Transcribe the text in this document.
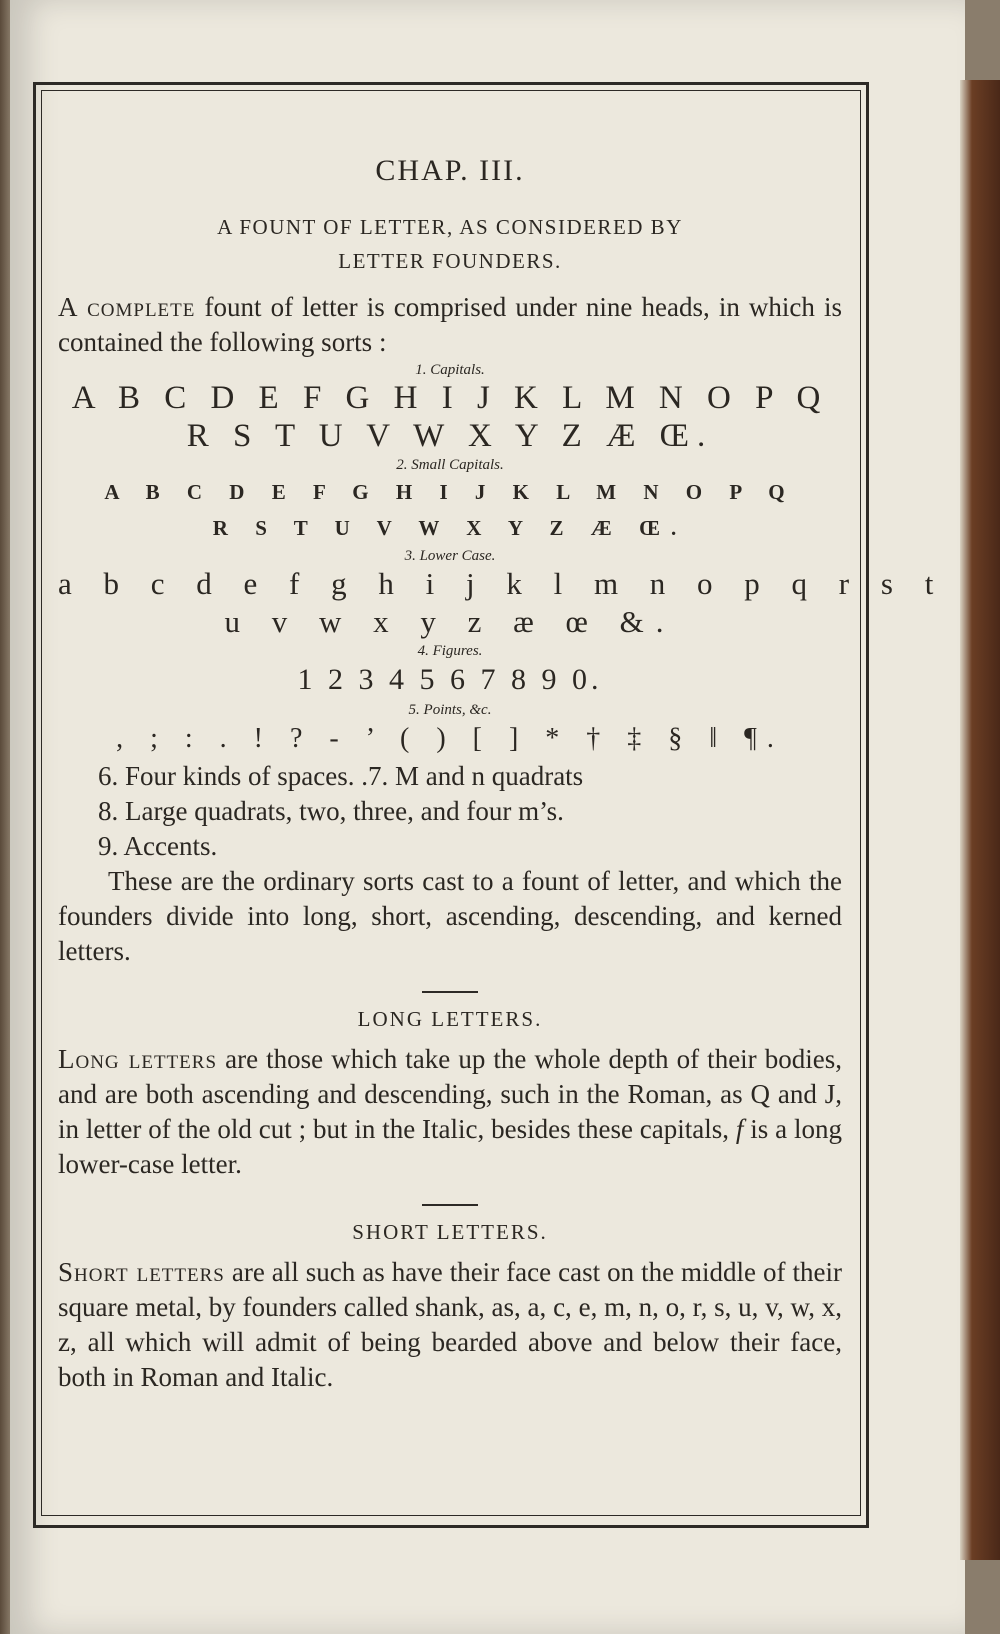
CHAP. III.
A FOUNT OF LETTER, AS CONSIDERED BY
LETTER FOUNDERS.
A complete fount of letter is comprised under nine heads, in which is contained the following sorts :
1. Capitals.
A B C D E F G H I J K L M N O P Q
R S T U V W X Y Z Æ Œ.
2. Small Capitals.
A B C D E F G H I J K L M N O P Q
R S T U V W X Y Z Æ Œ.
3. Lower Case.
a b c d e f g h i j k l m n o p q r s t
u v w x y z æ œ &.
4. Figures.
1 2 3 4 5 6 7 8 9 0.
5. Points, &c.
, ; : . ! ? - ’ ( ) [ ] * † ‡ § ‖ ¶.
6. Four kinds of spaces. .7. M and n quadrats
8. Large quadrats, two, three, and four m’s.
9. Accents.
These are the ordinary sorts cast to a fount of letter, and which the founders divide into long, short, ascending, descending, and kerned letters.
LONG LETTERS.
Long letters are those which take up the whole depth of their bodies, and are both ascending and descending, such in the Roman, as Q and J, in letter of the old cut ; but in the Italic, besides these capitals, f is a long lower-case letter.
SHORT LETTERS.
Short letters are all such as have their face cast on the middle of their square metal, by founders called shank, as, a, c, e, m, n, o, r, s, u, v, w, x, z, all which will admit of being bearded above and below their face, both in Roman and Italic.
